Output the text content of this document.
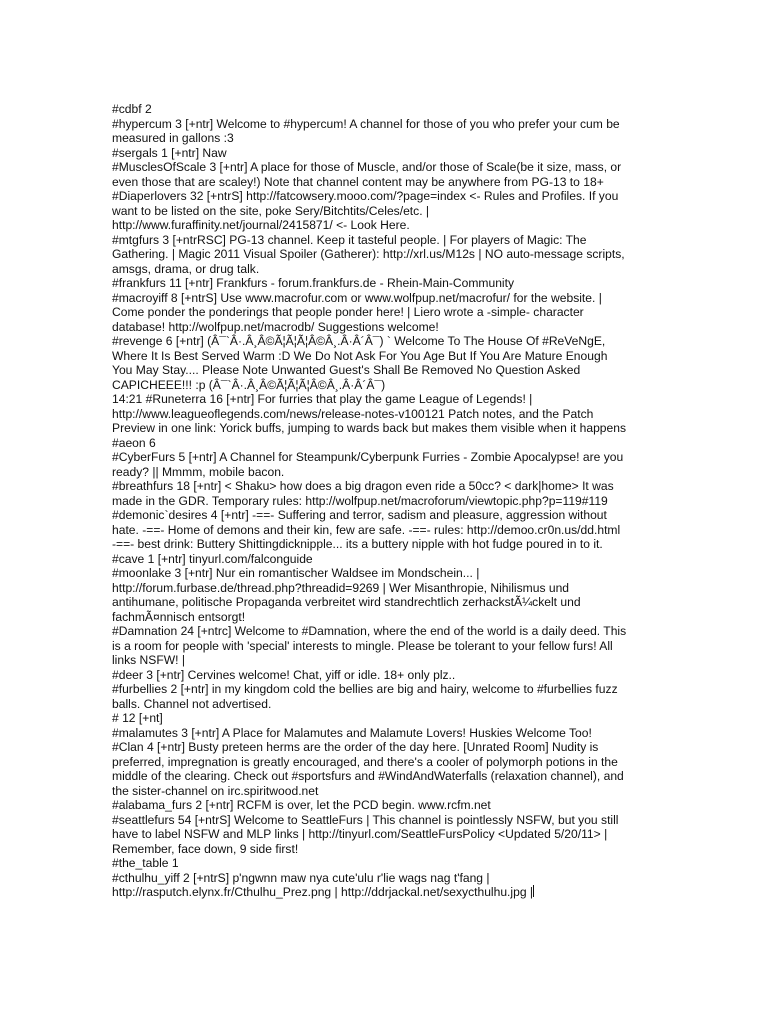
#cdbf 2

#hypercum 3 [+ntr] Welcome to #hypercum! A channel for those of you who prefer your cum be
measured in gallons :3

#sergals 1 [+ntr] Naw

#MusclesOfScale 3 [+ntr] A place for those of Muscle, and/or those of Scale(be it size, mass, or
even those that are scaley!) Note that channel content may be anywhere from PG-13 to 18+

#Diaperlovers 32 [+ntrS] http://fatcowsery.mooo.com/?page=index <- Rules and Profiles. If you
want to be listed on the site, poke Sery/Bitchtits/Celes/etc. |
http://www.furaffinity.net/journal/2415871/ <- Look Here.

#mtgfurs 3 [+ntrRSC] PG-13 channel. Keep it tasteful people. | For players of Magic: The
Gathering. | Magic 2011 Visual Spoiler (Gatherer): http://xrl.us/M12s | NO auto-message scripts,
amsgs, drama, or drug talk.

#frankfurs 11 [+ntr] Frankfurs - forum.frankfurs.de - Rhein-Main-Community

#macroyiff 8 [+ntrS] Use www.macrofur.com or www.wolfpup.net/macrofur/ for the website. |
Come ponder the ponderings that people ponder here! | Liero wrote a -simple- character
database! http://wolfpup.net/macrodb/ Suggestions welcome!

#revenge 6 [+ntr] (Â¯`Â·.Â¸Â©Ã¦Ã¦Ã¦Â©Â¸.Â·Â´Â¯) ` Welcome To The House Of #ReVeNgE,
Where It Is Best Served Warm :D We Do Not Ask For You Age But If You Are Mature Enough
You May Stay.... Please Note Unwanted Guest's Shall Be Removed No Question Asked
CAPICHEEE!!! :p (Â¯`Â·.Â¸Â©Ã¦Ã¦Ã¦Â©Â¸.Â·Â´Â¯)

14:21 #Runeterra 16 [+ntr] For furries that play the game League of Legends! |
http://www.leagueoflegends.com/news/release-notes-v100121 Patch notes, and the Patch
Preview in one link: Yorick buffs, jumping to wards back but makes them visible when it happens

#aeon 6

#CyberFurs 5 [+ntr] A Channel for Steampunk/Cyberpunk Furries - Zombie Apocalypse! are you
ready? || Mmmm, mobile bacon.

#breathfurs 18 [+ntr] < Shaku> how does a big dragon even ride a 50cc? < dark|home> It was
made in the GDR. Temporary rules: http://wolfpup.net/macroforum/viewtopic.php?p=119#119

#demonic`desires 4 [+ntr] -==- Suffering and terror, sadism and pleasure, aggression without
hate. -==- Home of demons and their kin, few are safe. -==- rules: http://demoo.cr0n.us/dd.html
-==- best drink: Buttery Shittingdicknipple... its a buttery nipple with hot fudge poured in to it.

#cave 1 [+ntr] tinyurl.com/falconguide

#moonlake 3 [+ntr] Nur ein romantischer Waldsee im Mondschein... |
http://forum.furbase.de/thread.php?threadid=9269 | Wer Misanthropie, Nihilismus und
antihumane, politische Propaganda verbreitet wird standrechtlich zerhackstÃ¼ckelt und
fachmÃ¤nnisch entsorgt!

#Damnation 24 [+ntrc] Welcome to #Damnation, where the end of the world is a daily deed. This
is a room for people with 'special' interests to mingle. Please be tolerant to your fellow furs! All
links NSFW! |

#deer 3 [+ntr] Cervines welcome! Chat, yiff or idle. 18+ only plz..

#furbellies 2 [+ntr] in my kingdom cold the bellies are big and hairy, welcome to #furbellies fuzz
balls. Channel not advertised.

# 12 [+nt]

#malamutes 3 [+ntr] A Place for Malamutes and Malamute Lovers! Huskies Welcome Too!

#Clan 4 [+ntr] Busty preteen herms are the order of the day here. [Unrated Room] Nudity is
preferred, impregnation is greatly encouraged, and there's a cooler of polymorph potions in the
middle of the clearing. Check out #sportsfurs and #WindAndWaterfalls (relaxation channel), and
the sister-channel on irc.spiritwood.net

#alabama_furs 2 [+ntr] RCFM is over, let the PCD begin. www.rcfm.net

#seattlefurs 54 [+ntrS] Welcome to SeattleFurs | This channel is pointlessly NSFW, but you still
have to label NSFW and MLP links | http://tinyurl.com/SeattleFursPolicy <Updated 5/20/11> |
Remember, face down, 9 side first!

#the_table 1

#cthulhu_yiff 2 [+ntrS] p'ngwnn maw nya cute'ulu r'lie wags nag t'fang |
http://rasputch.elynx.fr/Cthulhu_Prez.png | http://ddrjackal.net/sexycthulhu.jpg |
